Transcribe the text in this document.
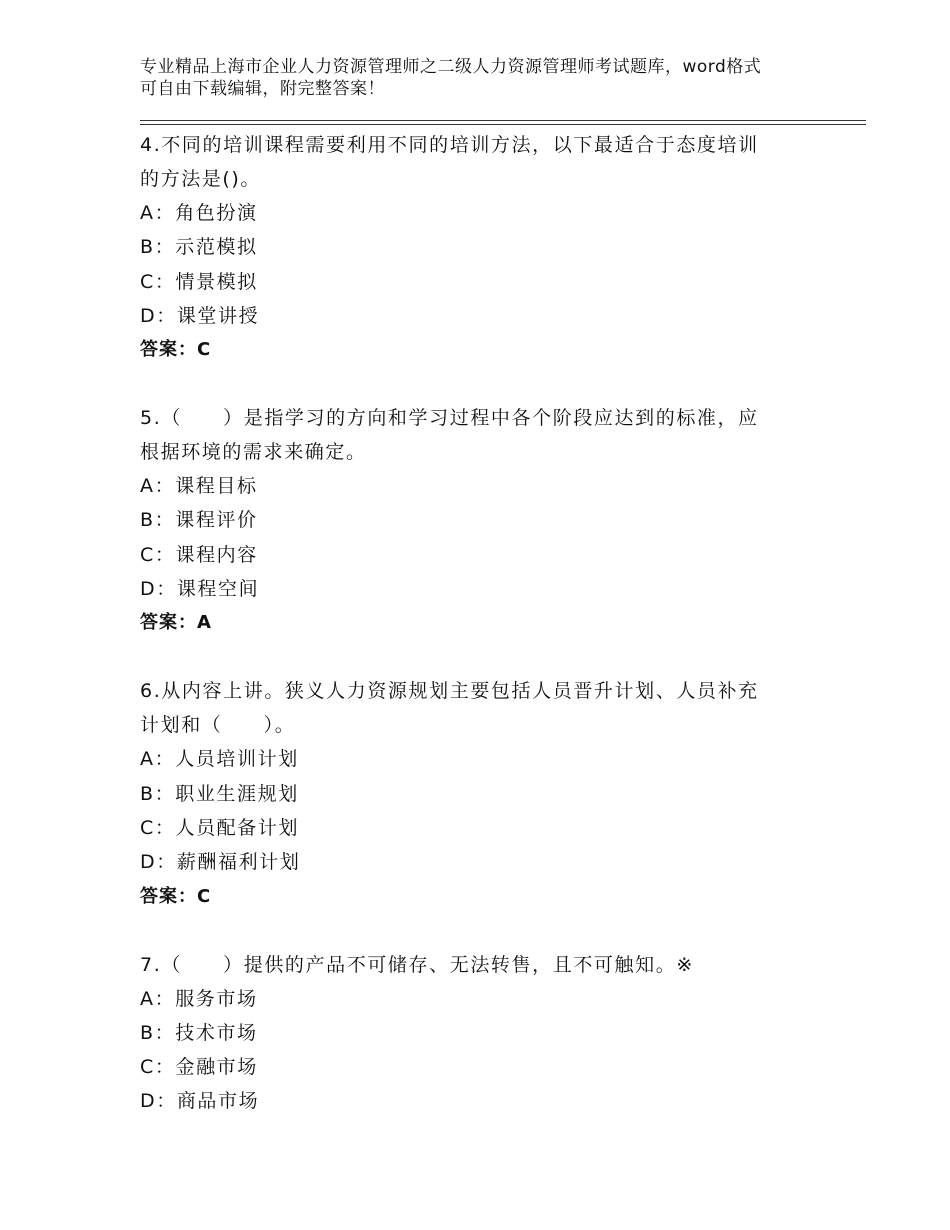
专业精品上海市企业人力资源管理师之二级人力资源管理师考试题库，word格式
可自由下载编辑，附完整答案！

4.不同的培训课程需要利用不同的培训方法，以下最适合于态度培训

的方法是()。

A：角色扮演

B：示范模拟

C：情景模拟

D：课堂讲授

答案：C

5.（　　）是指学习的方向和学习过程中各个阶段应达到的标准，应

根据环境的需求来确定。

A：课程目标

B：课程评价

C：课程内容

D：课程空间

答案：A

6.从内容上讲。狭义人力资源规划主要包括人员晋升计划、人员补充

计划和（　　）。

A：人员培训计划

B：职业生涯规划

C：人员配备计划

D：薪酬福利计划

答案：C

7.（　　）提供的产品不可储存、无法转售，且不可触知。※

A：服务市场

B：技术市场

C：金融市场

D：商品市场
